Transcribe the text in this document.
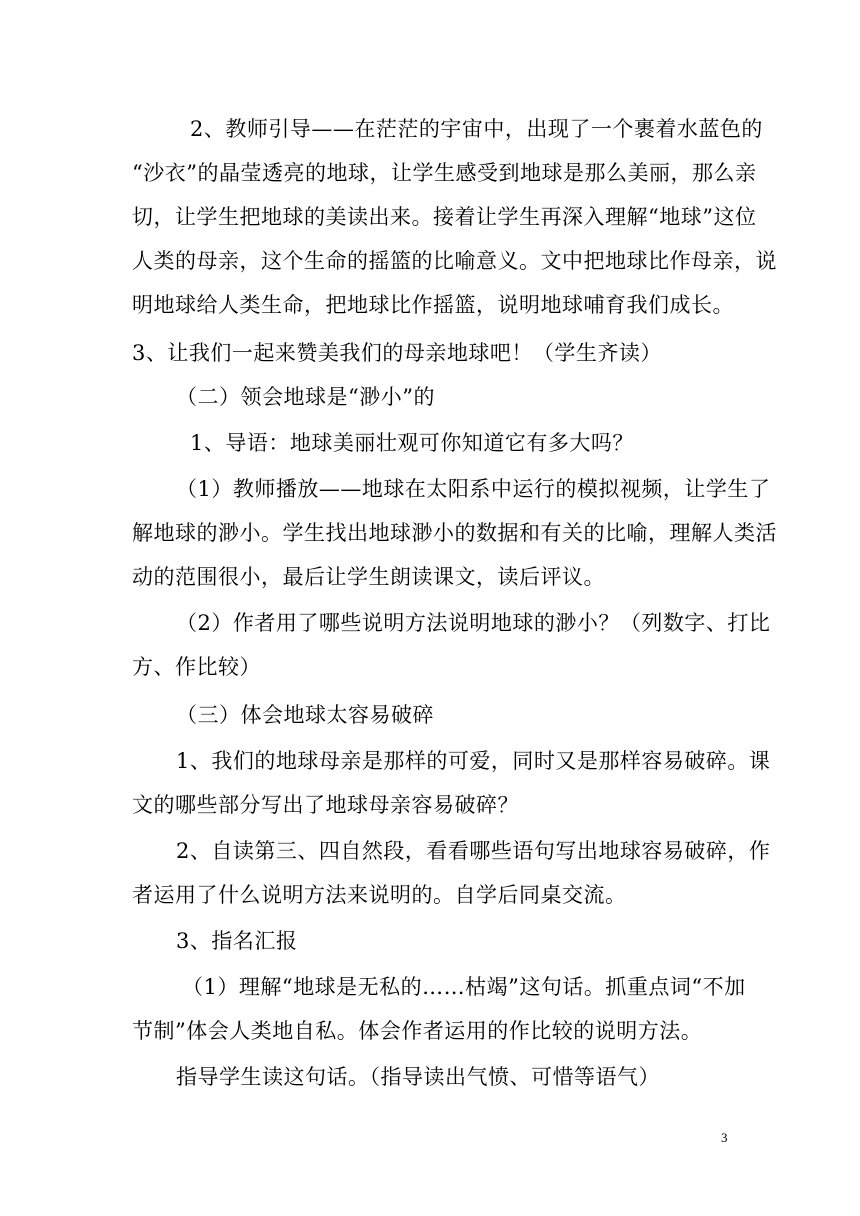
2、教师引导——在茫茫的宇宙中，出现了一个裹着水蓝色的
“沙衣”的晶莹透亮的地球，让学生感受到地球是那么美丽，那么亲
切，让学生把地球的美读出来。接着让学生再深入理解“地球”这位
人类的母亲，这个生命的摇篮的比喻意义。文中把地球比作母亲，说
明地球给人类生命，把地球比作摇篮，说明地球哺育我们成长。
3、让我们一起来赞美我们的母亲地球吧！（学生齐读）
（二）领会地球是“渺小”的
1、导语：地球美丽壮观可你知道它有多大吗？
（1）教师播放——地球在太阳系中运行的模拟视频，让学生了
解地球的渺小。学生找出地球渺小的数据和有关的比喻，理解人类活
动的范围很小，最后让学生朗读课文，读后评议。
（2）作者用了哪些说明方法说明地球的渺小？（列数字、打比
方、作比较）
（三）体会地球太容易破碎
1、我们的地球母亲是那样的可爱，同时又是那样容易破碎。课
文的哪些部分写出了地球母亲容易破碎？
2、自读第三、四自然段，看看哪些语句写出地球容易破碎，作
者运用了什么说明方法来说明的。自学后同桌交流。
3、指名汇报
（1）理解“地球是无私的……枯竭”这句话。抓重点词“不加
节制”体会人类地自私。体会作者运用的作比较的说明方法。
指导学生读这句话。（指导读出气愤、可惜等语气）
3
